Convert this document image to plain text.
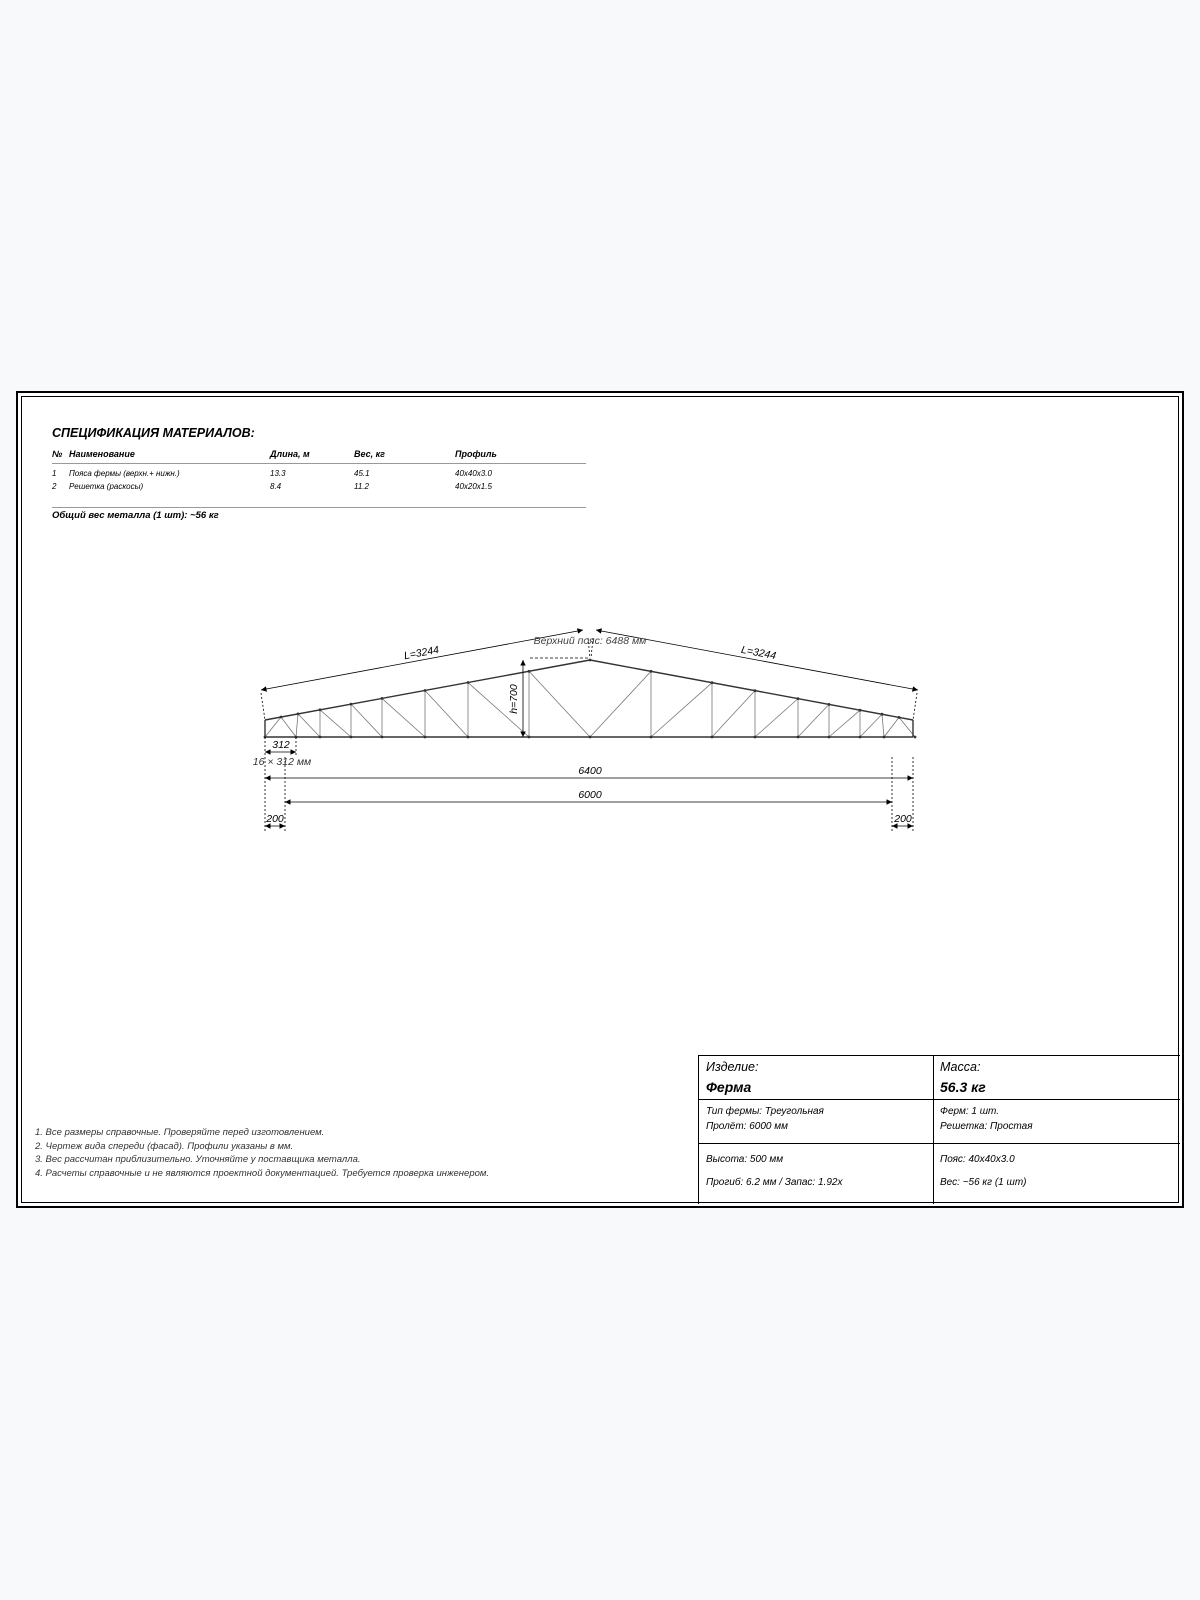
СПЕЦИФИКАЦИЯ МАТЕРИАЛОВ:
№ Наименование	Длина, м	Вес, кг	Профиль
1 Пояса фермы (верхн.+ нижн.)	13.3	45.1	40x40x3.0
2 Решетка (раскосы)	8.4	11.2	40x20x1.5
Общий вес металла (1 шт): ~56 кг
L=3244	L=3244
Верхний пояс: 6488 мм
h=700
312
16 × 312 мм
6400
6000
200	200
1. Все размеры справочные. Проверяйте перед изготовлением.
2. Чертеж вида спереди (фасад). Профили указаны в мм.
3. Вес рассчитан приблизительно. Уточняйте у поставщика металла.
4. Расчеты справочные и не являются проектной документацией. Требуется проверка инженером.
Изделие:
Ферма
Масса:
56.3 кг
Тип фермы: Треугольная
Пролёт: 6000 мм
Ферм: 1 шт.
Решетка: Простая
Высота: 500 мм
Прогиб: 6.2 мм / Запас: 1.92x
Пояс: 40x40x3.0
Вес: ~56 кг (1 шт)
